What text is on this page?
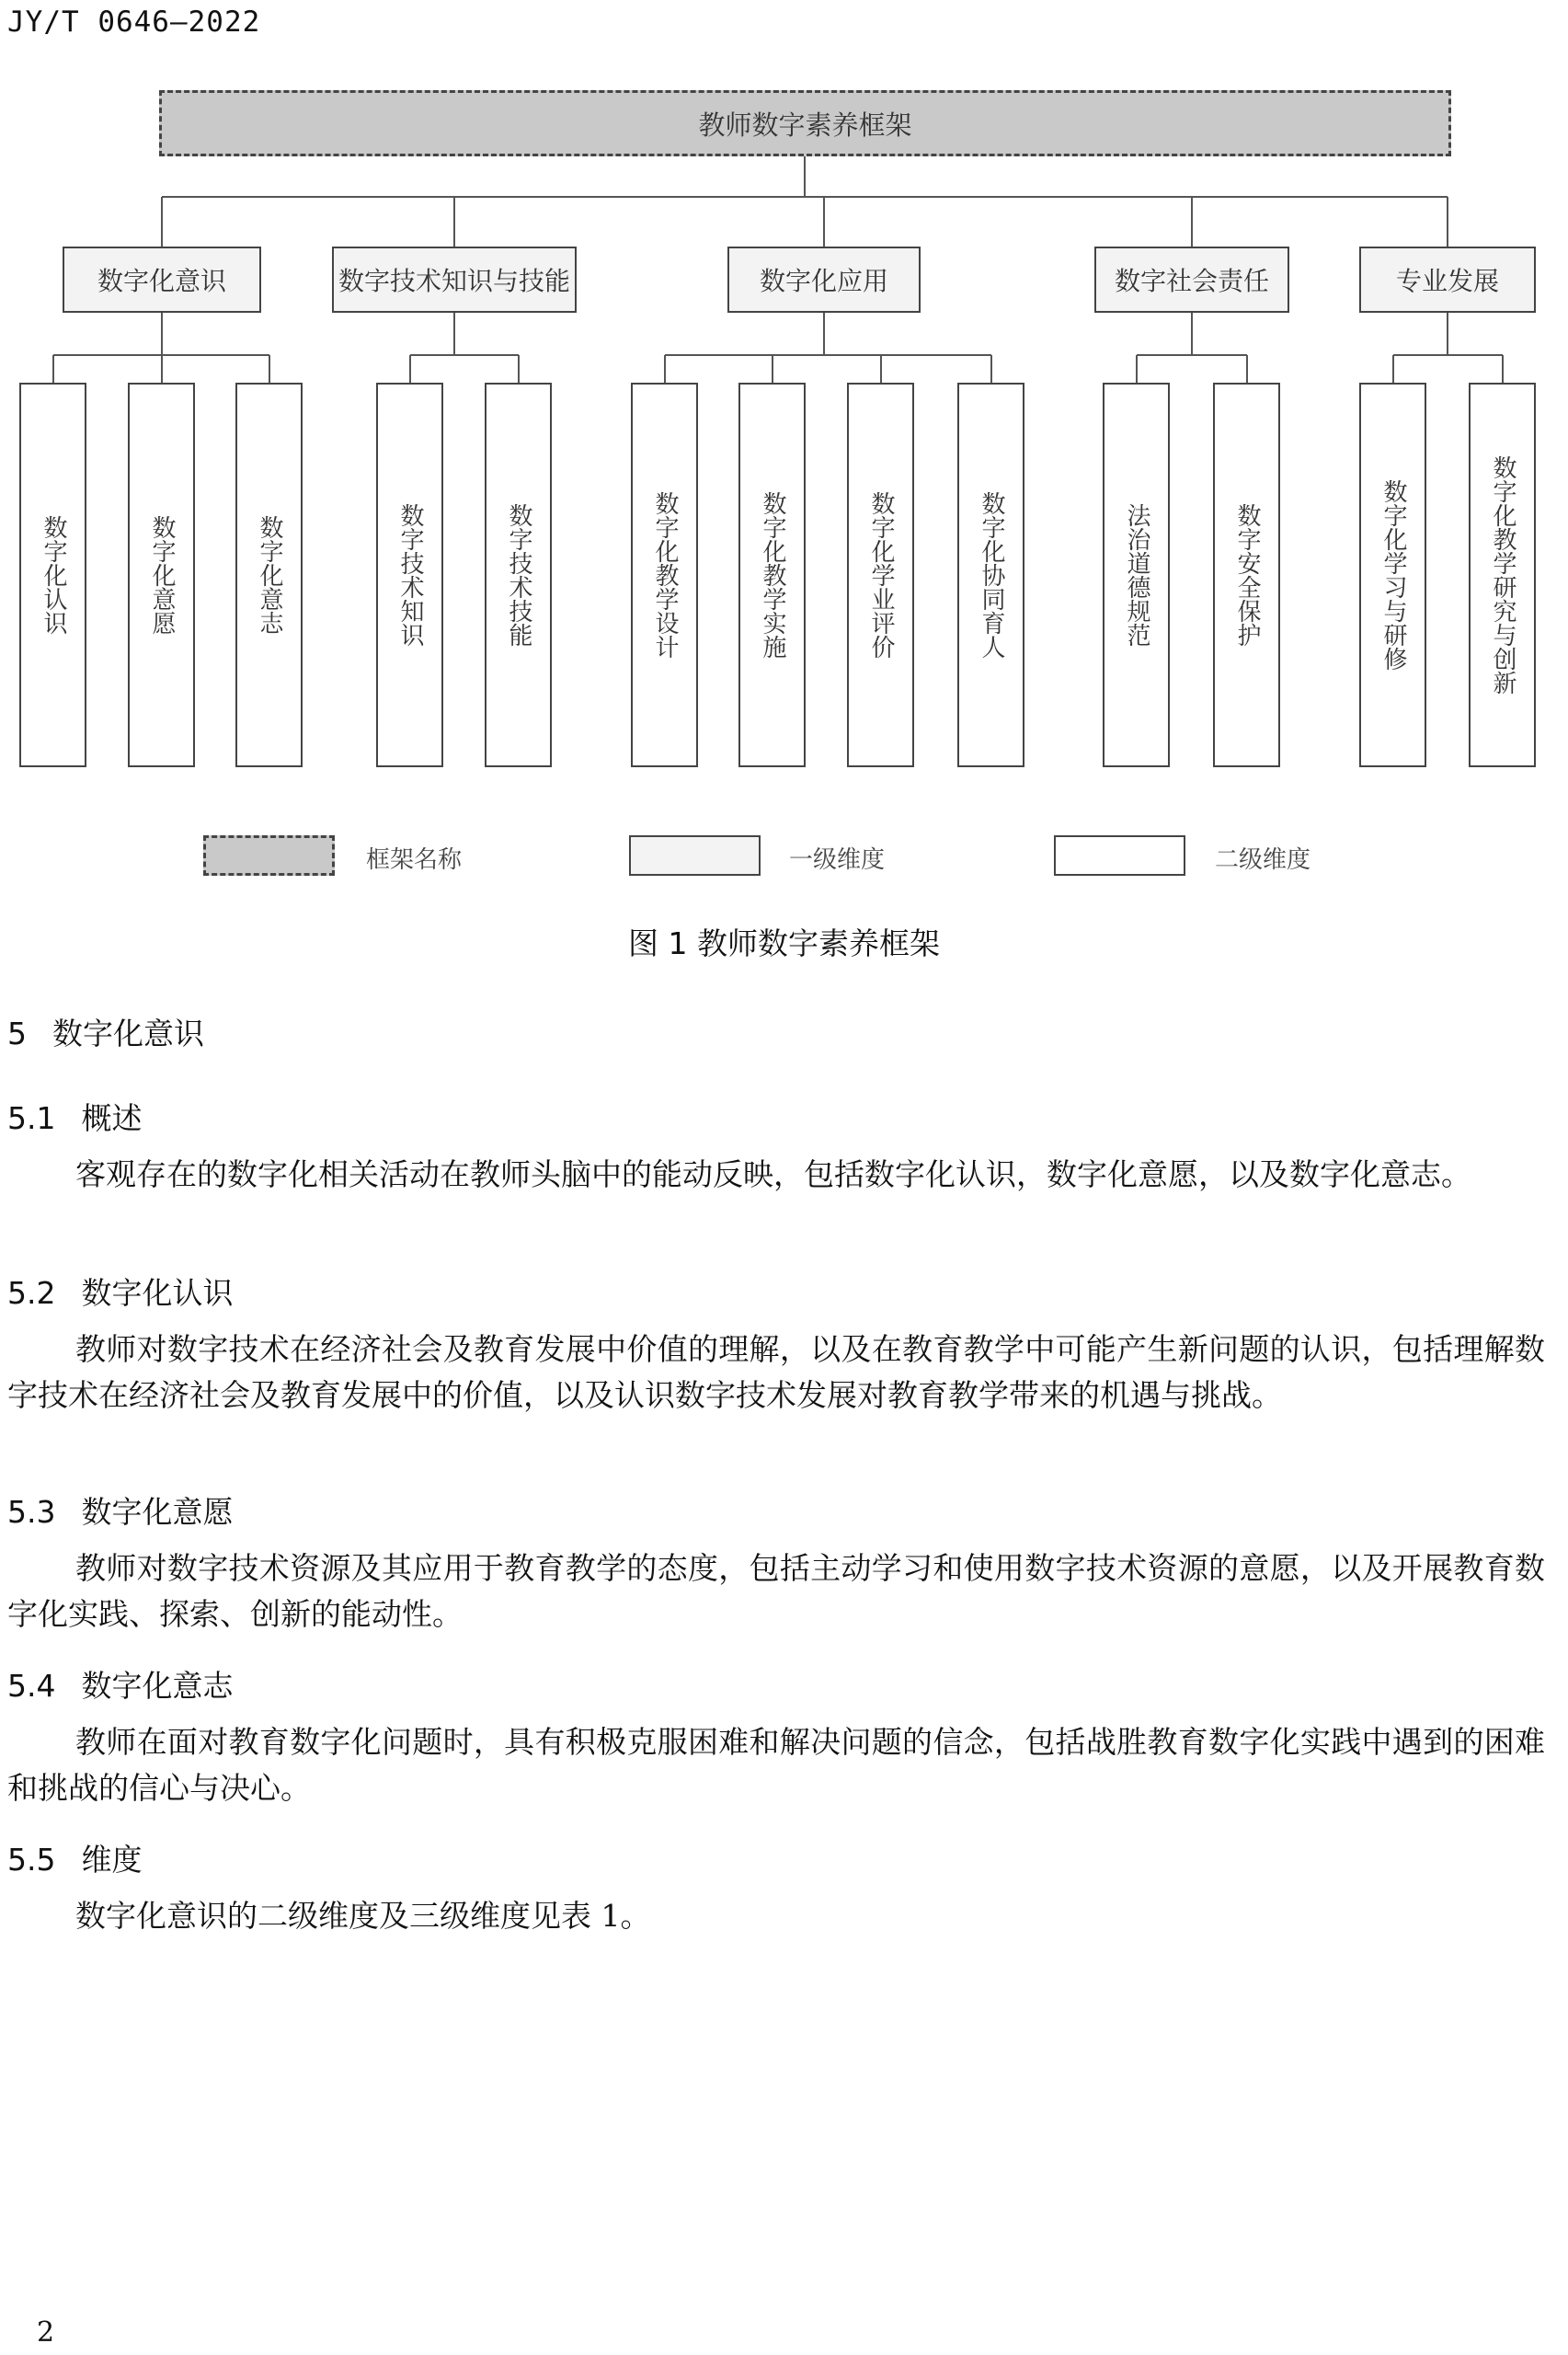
JY/T 0646—2022
教师数字素养框架
数字化意识	数字技术知识与技能	数字化应用	数字社会责任	专业发展
数字化认识	数字化意愿	数字化意志	数字技术知识	数字技术技能	数字化教学设计	数字化教学实施	数字化学业评价	数字化协同育人	法治道德规范	数字安全保护	数字化学习与研修	数字化教学研究与创新
框架名称	一级维度	二级维度
图 1 教师数字素养框架
5 数字化意识
5.1 概述
客观存在的数字化相关活动在教师头脑中的能动反映，包括数字化认识，数字化意愿，以及数字化意志。
5.2 数字化认识
教师对数字技术在经济社会及教育发展中价值的理解，以及在教育教学中可能产生新问题的认识，包括理解数字技术在经济社会及教育发展中的价值，以及认识数字技术发展对教育教学带来的机遇与挑战。
5.3 数字化意愿
教师对数字技术资源及其应用于教育教学的态度，包括主动学习和使用数字技术资源的意愿，以及开展教育数字化实践、探索、创新的能动性。
5.4 数字化意志
教师在面对教育数字化问题时，具有积极克服困难和解决问题的信念，包括战胜教育数字化实践中遇到的困难和挑战的信心与决心。
5.5 维度
数字化意识的二级维度及三级维度见表 1。
2
